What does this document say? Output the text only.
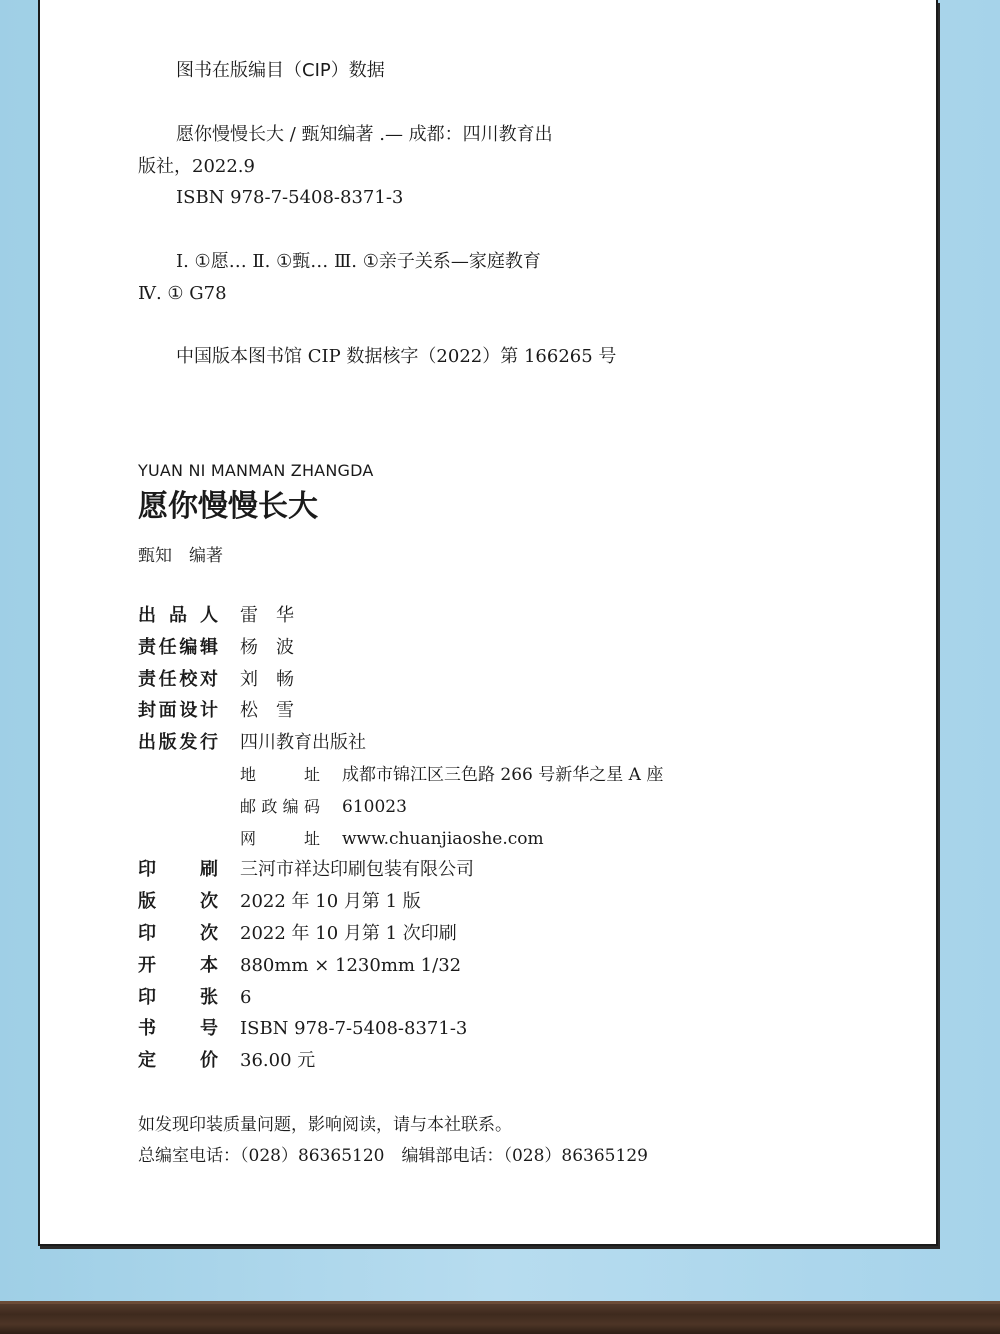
图书在版编目（CIP）数据
愿你慢慢长大 / 甄知编著 .— 成都：四川教育出
版社，2022.9
ISBN 978-7-5408-8371-3
Ⅰ. ①愿… Ⅱ. ①甄… Ⅲ. ①亲子关系—家庭教育
Ⅳ. ① G78
中国版本图书馆 CIP 数据核字（2022）第 166265 号
YUAN NI MANMAN ZHANGDA
愿你慢慢长大
甄知　编著
出 品 人 雷　华
责 任 编 辑 杨　波
责 任 校 对 刘　畅
封 面 设 计 松　雪
出 版 发 行 四川教育出版社
地	址 成都市锦江区三色路 266 号新华之星 A 座
邮 政 编 码 610023
网	址 www.chuanjiaoshe.com
印 刷 三河市祥达印刷包装有限公司
版 次 2022 年 10 月第 1 版
印 次 2022 年 10 月第 1 次印刷
开 本 880mm × 1230mm 1/32
印 张 6
书 号 ISBN 978-7-5408-8371-3
定 价 36.00 元
如发现印装质量问题，影响阅读，请与本社联系。
总编室电话：（028）86365120　编辑部电话：（028）86365129
